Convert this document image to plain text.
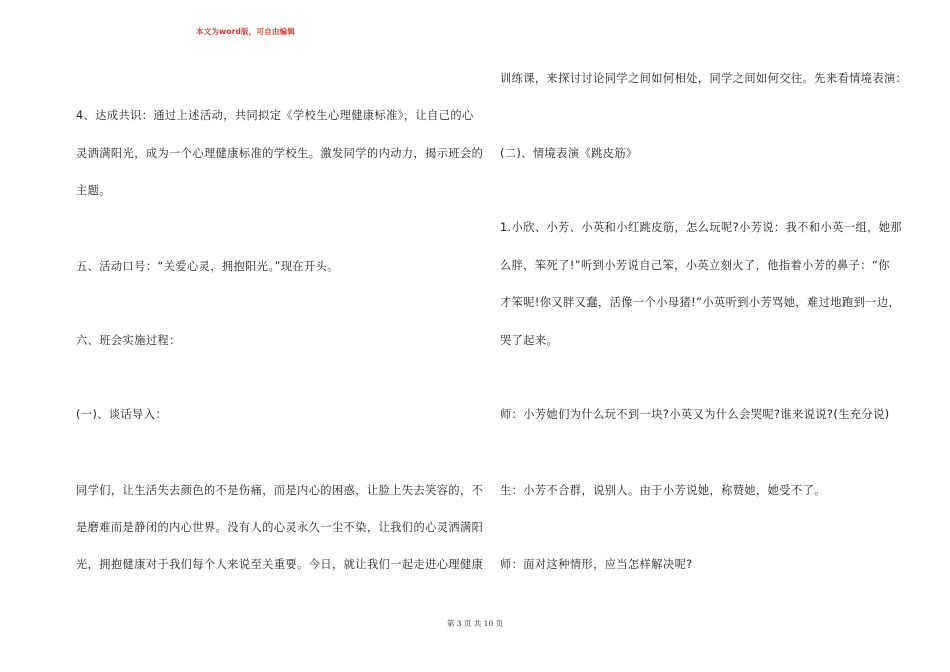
本文为word版，可自由编辑
4、达成共识：通过上述活动，共同拟定《学校生心理健康标准》，让自己的心
灵洒满阳光，成为一个心理健康标准的学校生。激发同学的内动力，揭示班会的
主题。
五、活动口号：“关爱心灵，拥抱阳光。”现在开头。
六、班会实施过程：
(一)、谈话导入：
同学们，让生活失去颜色的不是伤痛，而是内心的困惑，让脸上失去笑容的，不
是磨难而是静闭的内心世界。没有人的心灵永久一尘不染，让我们的心灵洒满阳
光，拥抱健康对于我们每个人来说至关重要。今日，就让我们一起走进心理健康
训练课，来探讨讨论同学之间如何相处，同学之间如何交往。先来看情境表演：
(二)、情境表演《跳皮筋》
1.小欣、小芳、小英和小红跳皮筋，怎么玩呢?小芳说：我不和小英一组，她那
么胖，笨死了!”听到小芳说自己笨，小英立刻火了，他指着小芳的鼻子：“你
才笨呢!你又胖又蠢，活像一个小母猪!”小英听到小芳骂她，难过地跑到一边，
哭了起来。
师：小芳她们为什么玩不到一块?小英又为什么会哭呢?谁来说说?(生充分说)
生：小芳不合群，说别人。由于小芳说她，称赞她，她受不了。
师：面对这种情形，应当怎样解决呢?
第 3 页 共 10 页
